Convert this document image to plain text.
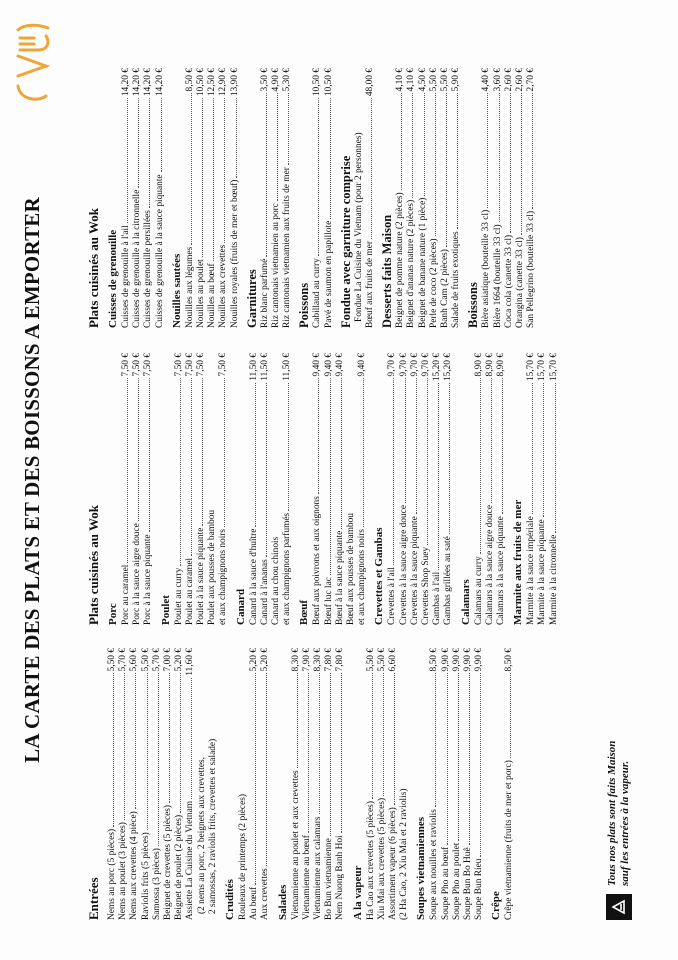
LA CARTE DES PLATS ET DES BOISSONS A EMPORTER
Entrées Nems au porc (5 pièces)
5,50 €
Nems au poulet (3 pièces)
5,70 €
Nems aux crevettes (4 pièce)
5,60 €
Raviolis frits (5 pièces)
5,50 €
Samossa (3 pièces)
5,70 €
Beignet de crevettes (5 pièces)
7,00 €
Beignet de poulet (2 pièces)
5,20 €
Assiette La Cuisine du Vietnam
11,60 €
(2 nems au porc, 2 beignets aux crevettes, 2 samossas, 2 raviolis frits, crevettes et salade) Crudités Rouleaux de printemps (2 pièces) Au bœuf
5,20 €
Aux crevettes
5,20 €
Salades Vietnamienne au poulet et aux crevettes
8,30 €
Vietnamienne au bœuf
7,90 €
Vietnamienne aux calamars
8,30 €
Bo Bun vietnamienne
7,80 €
Nem Nuong Banh Hoi
7,80 €
A la vapeur Ha Cao aux crevettes (5 pièces)
5,50 €
Xiu Mai aux crevettes (5 pièces)
5,50 €
Assortiment vapeur (6 pièces)
6,60 €
(2 Ha Cao, 2 Xiu Mai et 2 raviolis) Soupes vietnamiennes Soupe aux nouilles et raviolis
8,50 €
Soupe Pho au bœuf
9,90 €
Soupe Pho au poulet
9,90 €
Soupe Bun Bo Huê
9,90 €
Soupe Bun Rieu
9,90 €
Crêpe Crêpe vietnamienne (fruits de mer et porc)
8,50 €
Plats cuisinés au Wok Porc Porc au caramel
7,50 €
Porc à la sauce aigre douce
7,50 €
Porc à la sauce piquante
7,50 €
Poulet Poulet au curry
7,50 €
Poulet au caramel
7,50 €
Poulet à la sauce piquante
7,50 €
Poulet aux pousses de bambou et aux champignons noirs
7,50 €
Canard Canard à la sauce d'huître
11,50 €
Canard à l'ananas
11,50 €
Canard au chou chinois et aux champignons parfumés
11,50 €
Bœuf Bœuf aux poivrons et aux oignons
9,40 €
Bœuf luc lac
9,40 €
Bœuf à la sauce piquante
9,40 €
Bœuf aux pousses de bambou et aux champignons noirs
9,40 €
Crevettes et Gambas Crevettes à l'ail
9,70 €
Crevettes à la sauce aigre douce
9,70 €
Crevettes à la sauce piquante
9,70 €
Crevettes Shop Suey
9,70 €
Gambas à l'ail
15,20 €
Gambas grillées au saté
15,20 €
Calamars Calamars au curry
8,90 €
Calamars à la sauce aigre douce
8,90 €
Calamars à la sauce piquante
8,90 €
Marmite aux fruits de mer Marmite à la sauce impériale
15,70 €
Marmite à la sauce piquante
15,70 €
Marmite à la citronnelle
15,70 €
Plats cuisinés au Wok Cuisses de grenouille Cuisses de grenouille à l'ail
14,20 €
Cuisses de grenouille à la citronnelle
14,20 €
Cuisses de grenouille persillées
14,20 €
Cuisses de grenouille à la sauce piquante
14,20 €
Nouilles sautées Nouilles aux légumes
8,50 €
Nouilles au poulet
10,50 €
Nouilles au bœuf
12,50 €
Nouilles aux crevettes
12,90 €
Nouilles royales (fruits de mer et bœuf)
13,90 €
Garnitures Riz blanc parfumé
3,50 €
Riz cantonais vietnamien au porc
4,90 €
Riz cantonais vietnamien aux fruits de mer
5,30 €
Poissons Cabillaud au curry
10,50 €
Pavé de saumon en papillote
10,50 €
Fondue avec garniture comprise Fondue La Cuisine du Vietnam (pour 2 personnes) Bœuf aux fruits de mer
48,00 €
Desserts faits Maison Beignet de pomme nature (2 pièces)
4,10 €
Beignet d'ananas nature (2 pièces)
4,10 €
Beignet de banane nature (1 pièce)
4,50 €
Perle de coco (2 pièces)
5,50 €
Banh Cam (2 pièces)
5,50 €
Salade de fruits exotiques
5,90 €
Boissons Bière asiatique (bouteille 33 cl)
4,40 €
Bière 1664 (bouteille 33 cl)
3,60 €
Coca cola (canette 33 cl)
2,60 €
Orangina (canette 33 cl)
2,60 €
San Pellegrino (bouteille 33 cl)
2,70 €
Tous nos plats sont faits Maison sauf les entrées à la vapeur.
CV
